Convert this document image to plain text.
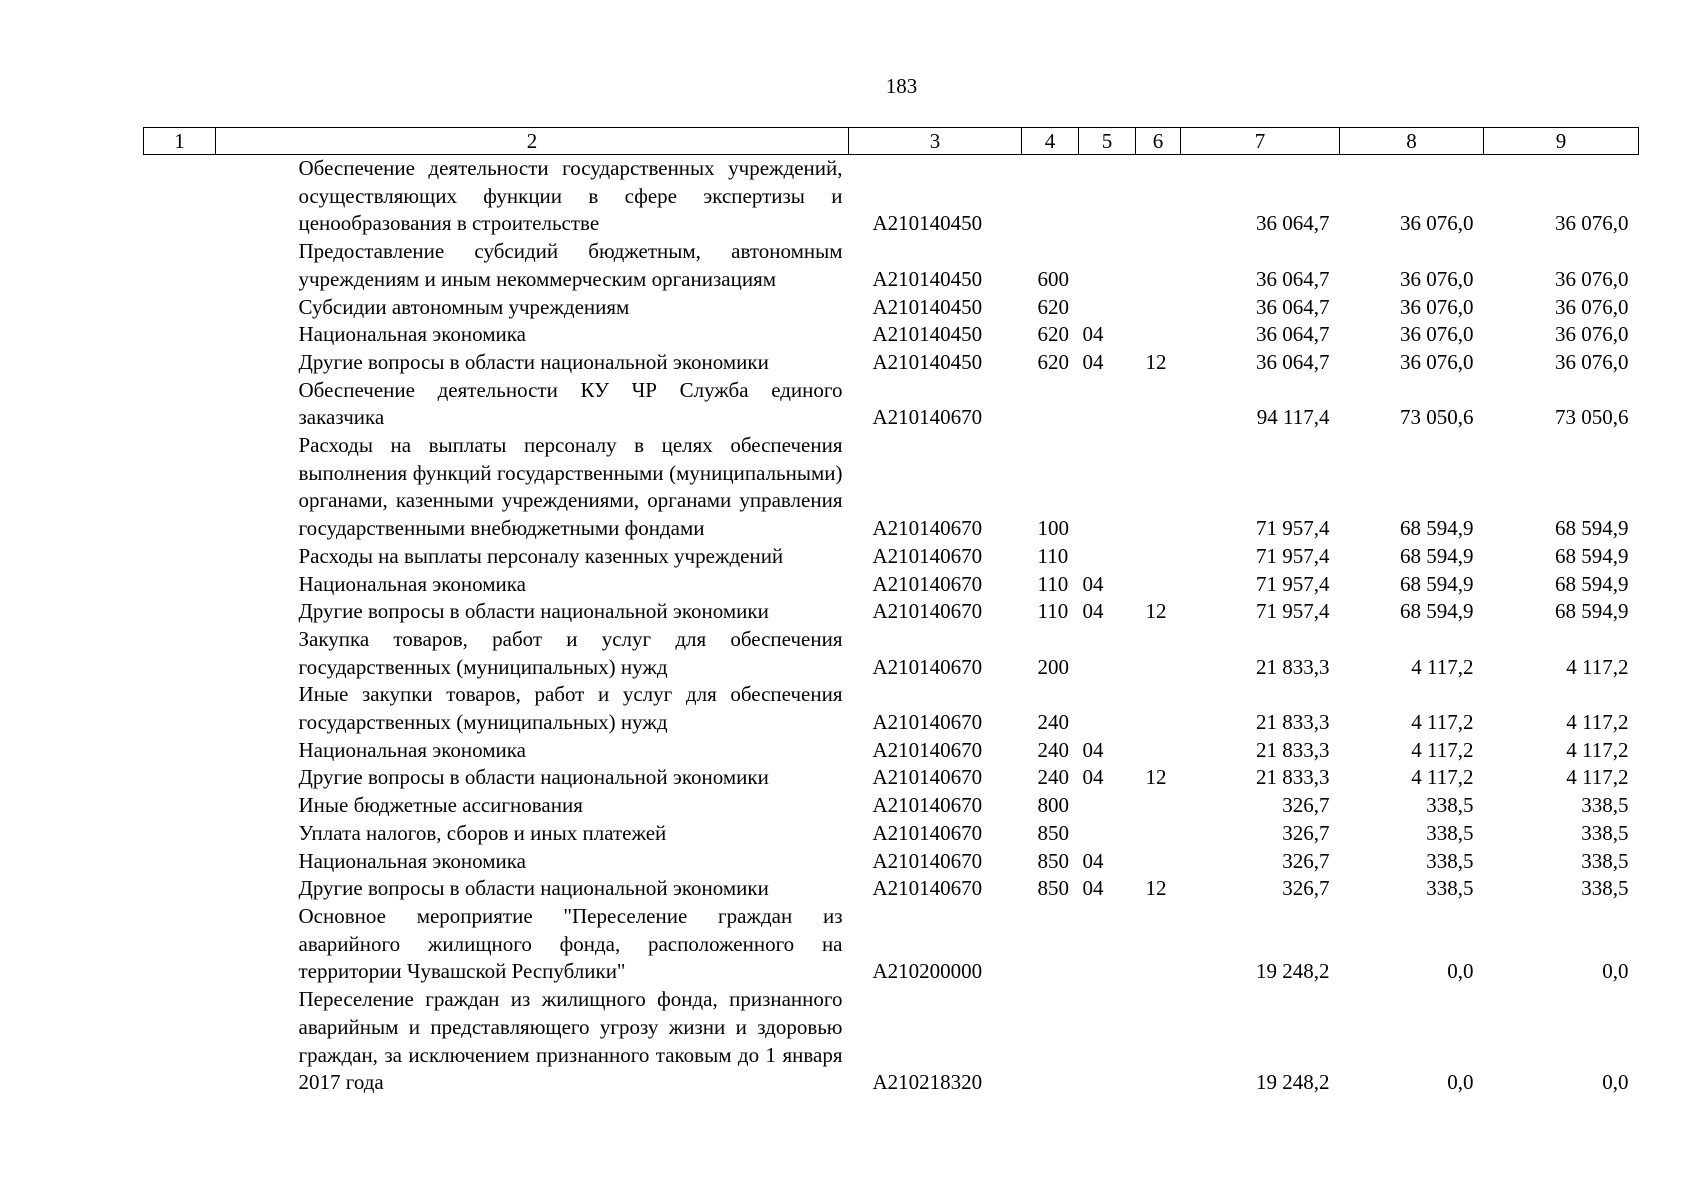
183
1	2	3	4	5	6	7	8	9
	Обеспечение деятельности государственных учреждений, осуществляющих функции в сфере экспертизы и ценообразования в строительстве	А210140450				36 064,7	36 076,0	36 076,0
	Предоставление субсидий бюджетным, автономным учреждениям и иным некоммерческим организациям	А210140450	600			36 064,7	36 076,0	36 076,0
	Субсидии автономным учреждениям	А210140450	620			36 064,7	36 076,0	36 076,0
	Национальная экономика	А210140450	620	04		36 064,7	36 076,0	36 076,0
	Другие вопросы в области национальной экономики	А210140450	620	04	12	36 064,7	36 076,0	36 076,0
	Обеспечение деятельности КУ ЧР Служба единого заказчика	А210140670				94 117,4	73 050,6	73 050,6
	Расходы на выплаты персоналу в целях обеспечения выполнения функций государственными (муниципальными) органами, казенными учреждениями, органами управления государственными внебюджетными фондами	А210140670	100			71 957,4	68 594,9	68 594,9
	Расходы на выплаты персоналу казенных учреждений	А210140670	110			71 957,4	68 594,9	68 594,9
	Национальная экономика	А210140670	110	04		71 957,4	68 594,9	68 594,9
	Другие вопросы в области национальной экономики	А210140670	110	04	12	71 957,4	68 594,9	68 594,9
	Закупка товаров, работ и услуг для обеспечения государственных (муниципальных) нужд	А210140670	200			21 833,3	4 117,2	4 117,2
	Иные закупки товаров, работ и услуг для обеспечения государственных (муниципальных) нужд	А210140670	240			21 833,3	4 117,2	4 117,2
	Национальная экономика	А210140670	240	04		21 833,3	4 117,2	4 117,2
	Другие вопросы в области национальной экономики	А210140670	240	04	12	21 833,3	4 117,2	4 117,2
	Иные бюджетные ассигнования	А210140670	800			326,7	338,5	338,5
	Уплата налогов, сборов и иных платежей	А210140670	850			326,7	338,5	338,5
	Национальная экономика	А210140670	850	04		326,7	338,5	338,5
	Другие вопросы в области национальной экономики	А210140670	850	04	12	326,7	338,5	338,5
	Основное мероприятие "Переселение граждан из аварийного жилищного фонда, расположенного на территории Чувашской Республики"	А210200000				19 248,2	0,0	0,0
	Переселение граждан из жилищного фонда, признанного аварийным и представляющего угрозу жизни и здоровью граждан, за исключением признанного таковым до 1 января 2017 года	А210218320				19 248,2	0,0	0,0
